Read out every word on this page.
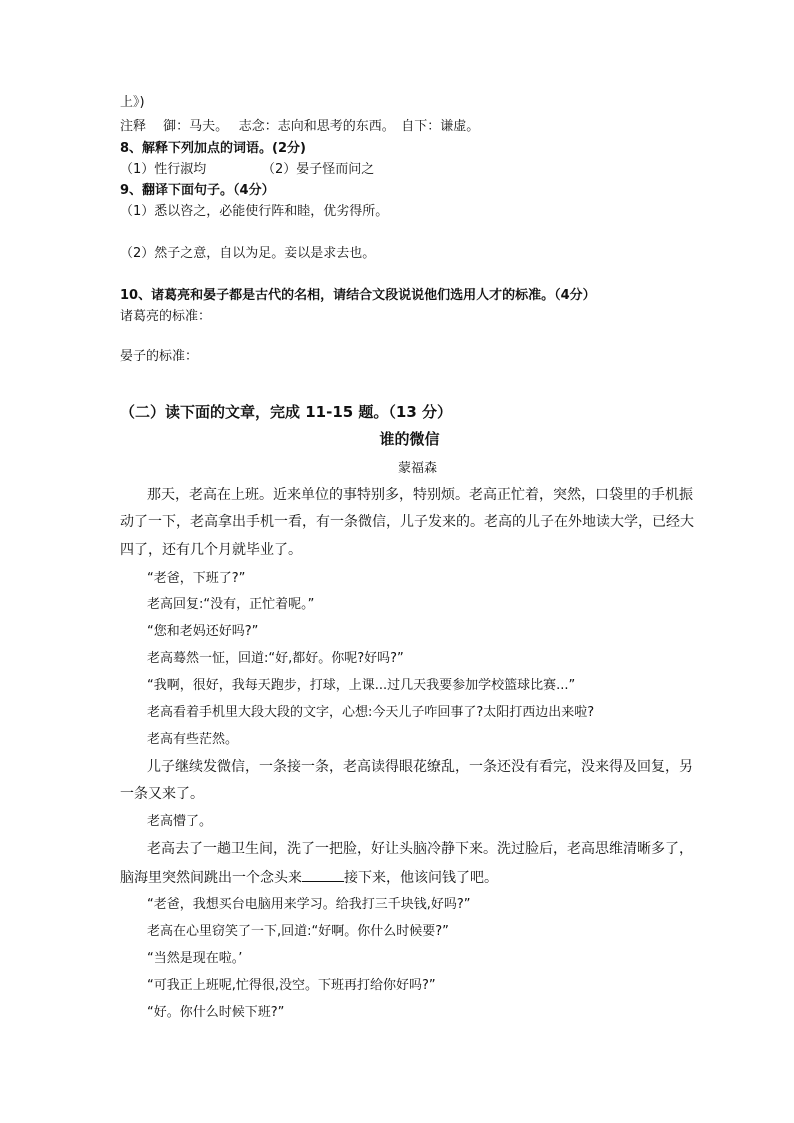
上》)
注释　 御：马夫。　 志念：志向和思考的东西。　自下：谦虚。
8、解释下列加点的词语。(2分)
（1）性行淑均	（2）晏子怪而问之
9、翻译下面句子。（4分）
（1）悉以咨之，必能使行阵和睦，优劣得所。
（2）然子之意，自以为足。妾以是求去也。
10、诸葛亮和晏子都是古代的名相，请结合文段说说他们选用人才的标准。（4分）
诸葛亮的标准：
晏子的标准：
（二）读下面的文章，完成 11-15 题。（13 分）
谁的微信
蒙福森
那天，老高在上班。近来单位的事特别多，特别烦。老高正忙着，突然，口袋里的手机振
动了一下，老高拿出手机一看，有一条微信，儿子发来的。老高的儿子在外地读大学，已经大
四了，还有几个月就毕业了。
“老爸，下班了?”
老高回复:“没有，正忙着呢。”
“您和老妈还好吗?”
老高蓦然一怔，回道:“好,都好。你呢?好吗?”
“我啊，很好，我每天跑步，打球，上课...过几天我要参加学校篮球比赛...”
老高看着手机里大段大段的文字，心想:今天儿子咋回事了?太阳打西边出来啦?
老高有些茫然。
儿子继续发微信，一条接一条，老高读得眼花缭乱，一条还没有看完，没来得及回复，另
一条又来了。
老高懵了。
老高去了一趟卫生间，洗了一把脸，好让头脑冷静下来。洗过脸后，老高思维清晰多了，
脑海里突然间跳出一个念头来	接下来，他该问钱了吧。
“老爸，我想买台电脑用来学习。给我打三千块钱,好吗?”
老高在心里窃笑了一下,回道:“好啊。你什么时候要?”
“当然是现在啦。’
“可我正上班呢,忙得很,没空。下班再打给你好吗?”
“好。你什么时候下班?”
